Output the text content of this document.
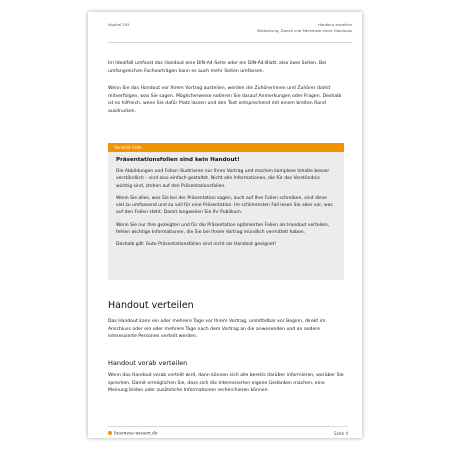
Kapitel 205	Handout erstellen
Bedeutung, Zweck und Merkmale eines Handouts
Im Idealfall umfasst das Handout eine DIN-A4-Seite oder ein DIN-A4-Blatt, also zwei Seiten. Bei umfangreichen Fachvorträgen kann es auch mehr Seiten umfassen.
Wenn Sie das Handout vor Ihrem Vortrag austeilen, werden die Zuhörerinnen und Zuhörer damit mitverfolgen, was Sie sagen. Möglicherweise notieren Sie darauf Anmerkungen oder Fragen. Deshalb ist es hilfreich, wenn Sie dafür Platz lassen und den Text entsprechend mit einem breiten Rand ausdrucken.
Vorsicht Falle
Präsentationsfolien sind kein Handout!
Die Abbildungen und Folien illustrieren nur Ihren Vortrag und machen komplexe Inhalte besser verständlich – sind also einfach gestaltet. Nicht alle Informationen, die für das Verständnis wichtig sind, stehen auf den Präsentationsfolien.
Wenn Sie alles, was Sie bei der Präsentation sagen, auch auf Ihre Folien schreiben, sind diese viel zu umfassend und zu voll für eine Präsentation. Im schlimmsten Fall lesen Sie alles vor, was auf den Folien steht. Damit langweilen Sie Ihr Publikum.
Wenn Sie nur Ihre gezeigten und für die Präsentation optimierten Folien als Handout verteilen, fehlen wichtige Informationen, die Sie bei Ihrem Vortrag mündlich vermittelt haben.
Deshalb gilt: Gute Präsentationsfolien sind nicht als Handout geeignet!
Handout verteilen
Das Handout kann ein oder mehrere Tage vor Ihrem Vortrag, unmittelbar vor Beginn, direkt im Anschluss oder ein oder mehrere Tage nach dem Vortrag an die anwesenden und an andere interessierte Personen verteilt werden.
Handout vorab verteilen
Wenn das Handout vorab verteilt wird, dann können sich alle bereits darüber informieren, worüber Sie sprechen. Damit ermöglichen Sie, dass sich die Interessierten eigene Gedanken machen, eine Meinung bilden oder zusätzliche Informationen recherchieren können.
business-wissen.de	Seite 4
